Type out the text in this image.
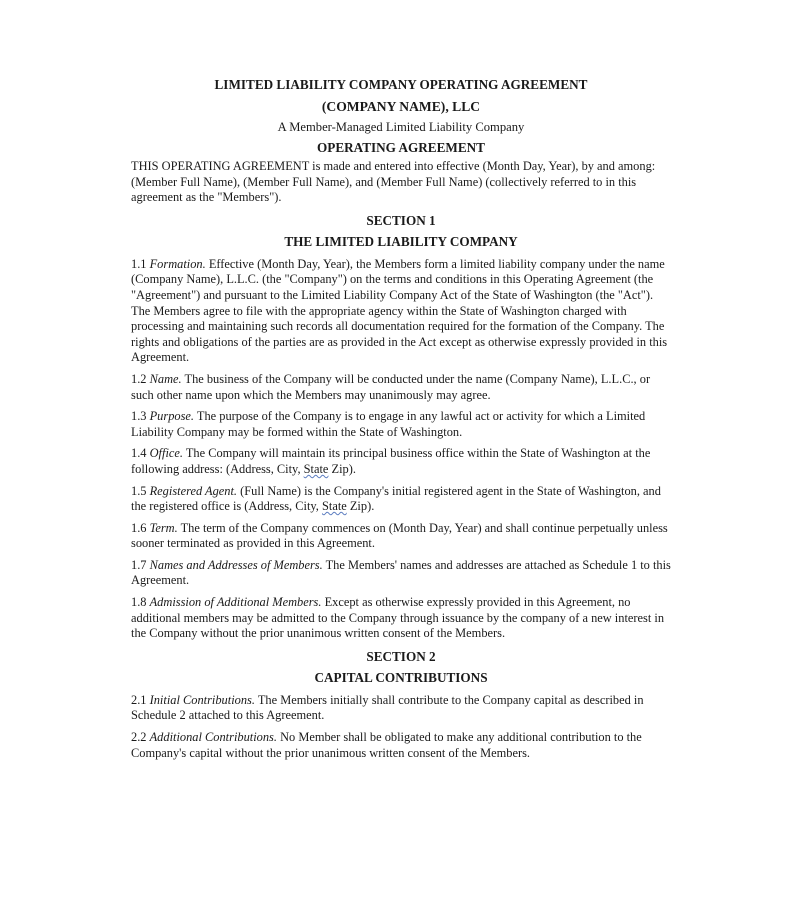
LIMITED LIABILITY COMPANY OPERATING AGREEMENT
(COMPANY NAME), LLC
A Member-Managed Limited Liability Company
OPERATING AGREEMENT

THIS OPERATING AGREEMENT is made and entered into effective (Month Day, Year), by and among: (Member Full Name), (Member Full Name), and (Member Full Name) (collectively referred to in this agreement as the "Members").

SECTION 1
THE LIMITED LIABILITY COMPANY

1.1 Formation. Effective (Month Day, Year), the Members form a limited liability company under the name (Company Name), L.L.C. (the "Company") on the terms and conditions in this Operating Agreement (the "Agreement") and pursuant to the Limited Liability Company Act of the State of Washington (the "Act"). The Members agree to file with the appropriate agency within the State of Washington charged with processing and maintaining such records all documentation required for the formation of the Company. The rights and obligations of the parties are as provided in the Act except as otherwise expressly provided in this Agreement.

1.2 Name. The business of the Company will be conducted under the name (Company Name), L.L.C., or such other name upon which the Members may unanimously may agree.

1.3 Purpose. The purpose of the Company is to engage in any lawful act or activity for which a Limited Liability Company may be formed within the State of Washington.

1.4 Office. The Company will maintain its principal business office within the State of Washington at the following address: (Address, City, State Zip).

1.5 Registered Agent. (Full Name) is the Company's initial registered agent in the State of Washington, and the registered office is (Address, City, State Zip).

1.6 Term. The term of the Company commences on (Month Day, Year) and shall continue perpetually unless sooner terminated as provided in this Agreement.

1.7 Names and Addresses of Members. The Members' names and addresses are attached as Schedule 1 to this Agreement.

1.8 Admission of Additional Members. Except as otherwise expressly provided in this Agreement, no additional members may be admitted to the Company through issuance by the company of a new interest in the Company without the prior unanimous written consent of the Members.

SECTION 2
CAPITAL CONTRIBUTIONS

2.1 Initial Contributions. The Members initially shall contribute to the Company capital as described in Schedule 2 attached to this Agreement.

2.2 Additional Contributions. No Member shall be obligated to make any additional contribution to the Company's capital without the prior unanimous written consent of the Members.
